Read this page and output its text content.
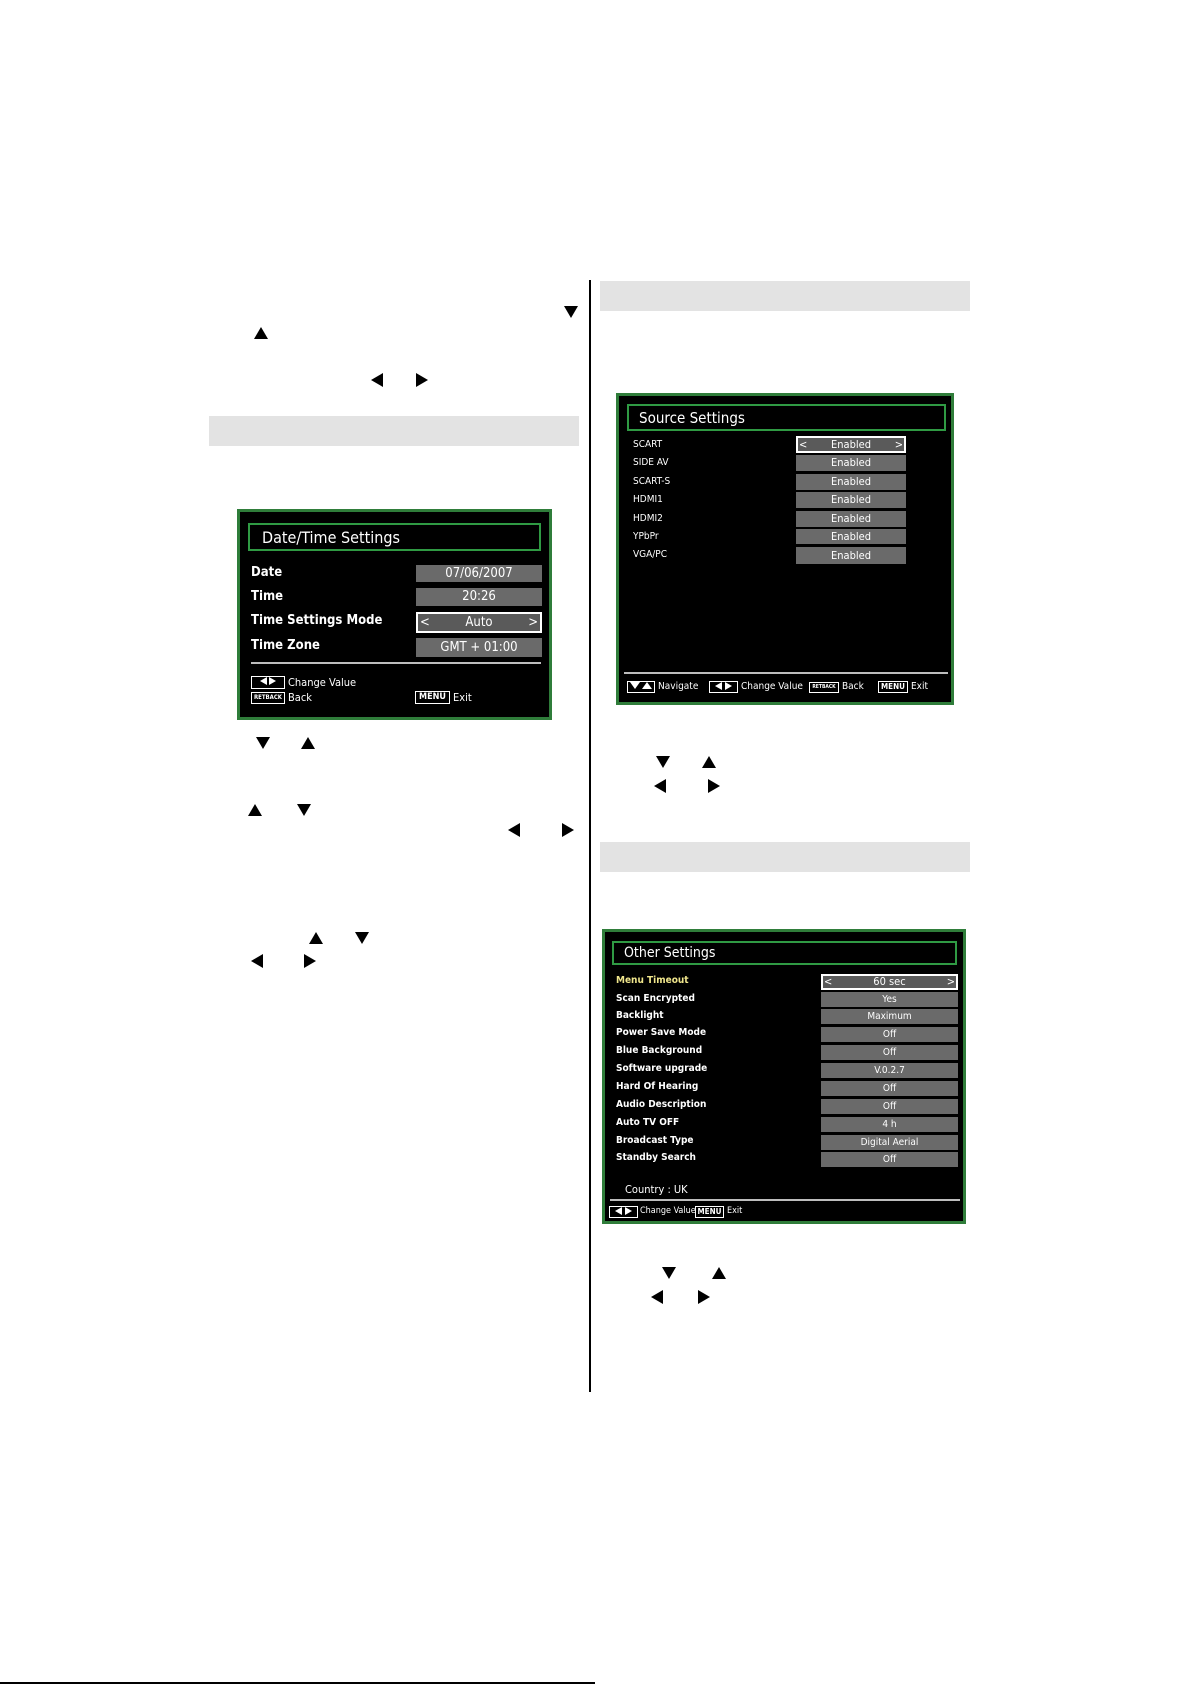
Date/Time Settings
Date	07/06/2007
Time	20:26
Time Settings Mode	<	Auto	>
Time Zone	GMT + 01:00

Change Value
RETBACK Back	MENU Exit
Source Settings
SCART	< Enabled >
SIDE AV	Enabled
SCART-S	Enabled
HDMI1	Enabled
HDMI2	Enabled
YPbPr	Enabled
VGA/PC	Enabled

Navigate
	Change Value	RETBACK Back	MENU Exit
Other Settings
Menu Timeout	<	60 sec	>
Scan Encrypted	Yes
Backlight	Maximum
Power Save Mode	Off
Blue Background	Off
Software upgrade	V.0.2.7
Hard Of Hearing	Off
Audio Description	Off
Auto TV OFF	4 h
Broadcast Type	Digital Aerial
Standby Search	Off
Country : UK

Change Value MENU Exit
